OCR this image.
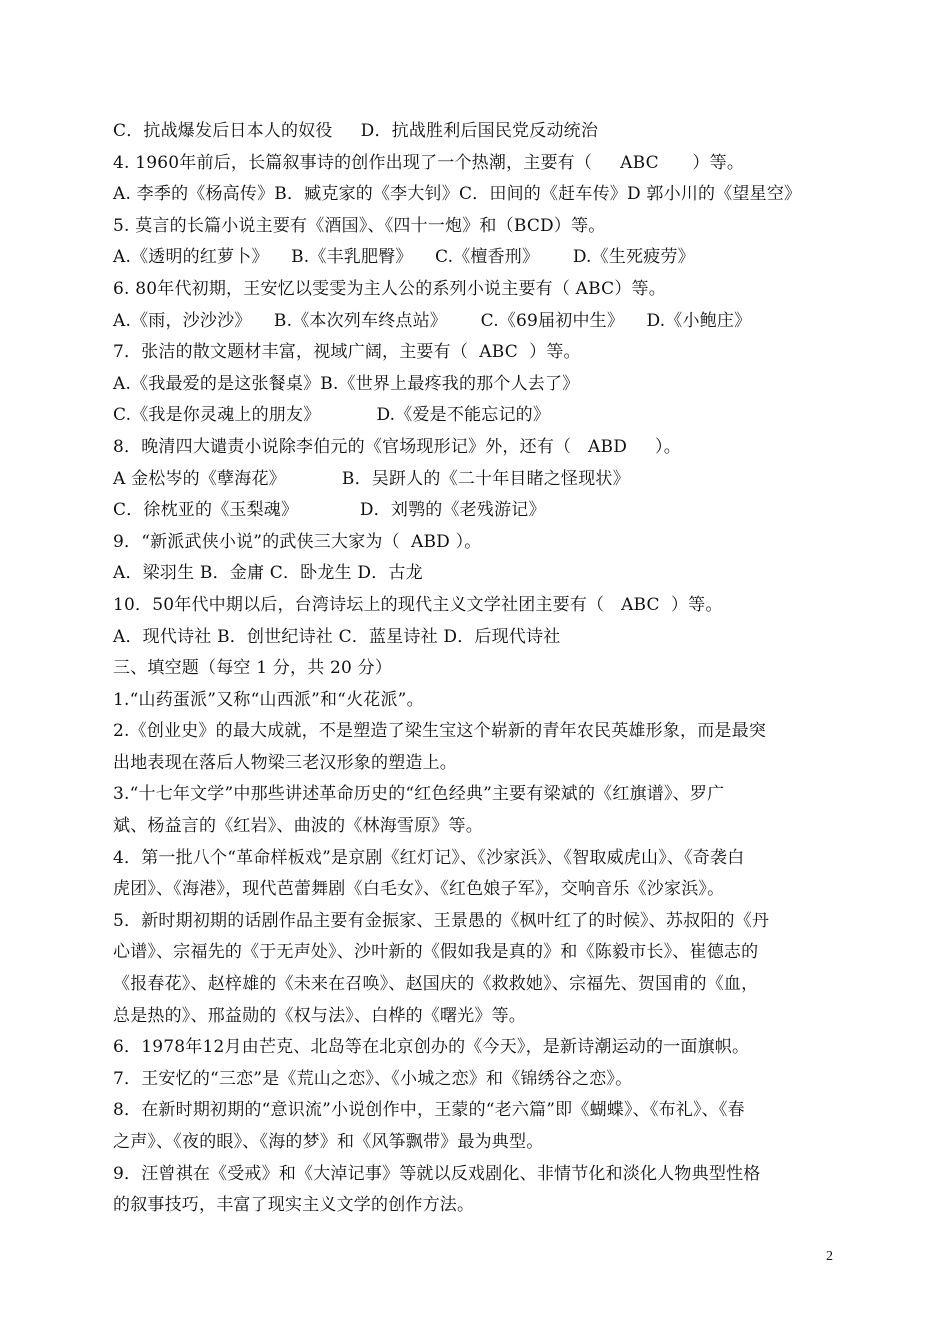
C．抗战爆发后日本人的奴役     D．抗战胜利后国民党反动统治
4. 1960年前后，长篇叙事诗的创作出现了一个热潮，主要有（     ABC      ）等。
A. 李季的《杨高传》B．臧克家的《李大钊》C．田间的《赶车传》D 郭小川的《望星空》
5. 莫言的长篇小说主要有《酒国》、《四十一炮》和（BCD）等。
A.《透明的红萝卜》    B.《丰乳肥臀》    C.《檀香刑》      D.《生死疲劳》
6. 80年代初期，王安忆以雯雯为主人公的系列小说主要有（ ABC）等。
A.《雨，沙沙沙》    B.《本次列车终点站》      C.《69届初中生》    D.《小鲍庄》
7．张洁的散文题材丰富，视域广阔，主要有（  ABC  ）等。
A.《我最爱的是这张餐桌》B.《世界上最疼我的那个人去了》
C.《我是你灵魂上的朋友》          D.《爱是不能忘记的》
8．晚清四大谴责小说除李伯元的《官场现形记》外，还有（   ABD     ）。
A 金松岑的《孽海花》          B．吴趼人的《二十年目睹之怪现状》
C．徐枕亚的《玉梨魂》           D．刘鹗的《老残游记》
9．“新派武侠小说”的武侠三大家为（  ABD ）。
A．梁羽生 B．金庸 C．卧龙生 D．古龙
10．50年代中期以后，台湾诗坛上的现代主义文学社团主要有（   ABC  ）等。
A．现代诗社 B．创世纪诗社 C．蓝星诗社 D．后现代诗社
三、填空题（每空 1 分，共 20 分）
1.“山药蛋派”又称“山西派”和“火花派”。
2.《创业史》的最大成就，不是塑造了梁生宝这个崭新的青年农民英雄形象，而是最突
出地表现在落后人物梁三老汉形象的塑造上。
3.“十七年文学”中那些讲述革命历史的“红色经典”主要有梁斌的《红旗谱》、罗广
斌、杨益言的《红岩》、曲波的《林海雪原》等。
4．第一批八个“革命样板戏”是京剧《红灯记》、《沙家浜》、《智取威虎山》、《奇袭白
虎团》、《海港》，现代芭蕾舞剧《白毛女》、《红色娘子军》，交响音乐《沙家浜》。
5．新时期初期的话剧作品主要有金振家、王景愚的《枫叶红了的时候》、苏叔阳的《丹
心谱》、宗福先的《于无声处》、沙叶新的《假如我是真的》和《陈毅市长》、崔德志的
《报春花》、赵梓雄的《未来在召唤》、赵国庆的《救救她》、宗福先、贺国甫的《血，
总是热的》、邢益勋的《权与法》、白桦的《曙光》等。
6．1978年12月由芒克、北岛等在北京创办的《今天》，是新诗潮运动的一面旗帜。
7．王安忆的“三恋”是《荒山之恋》、《小城之恋》和《锦绣谷之恋》。
8．在新时期初期的“意识流”小说创作中，王蒙的“老六篇”即《蝴蝶》、《布礼》、《春
之声》、《夜的眼》、《海的梦》和《风筝飘带》最为典型。
9．汪曾祺在《受戒》和《大淖记事》等就以反戏剧化、非情节化和淡化人物典型性格
的叙事技巧，丰富了现实主义文学的创作方法。
2
